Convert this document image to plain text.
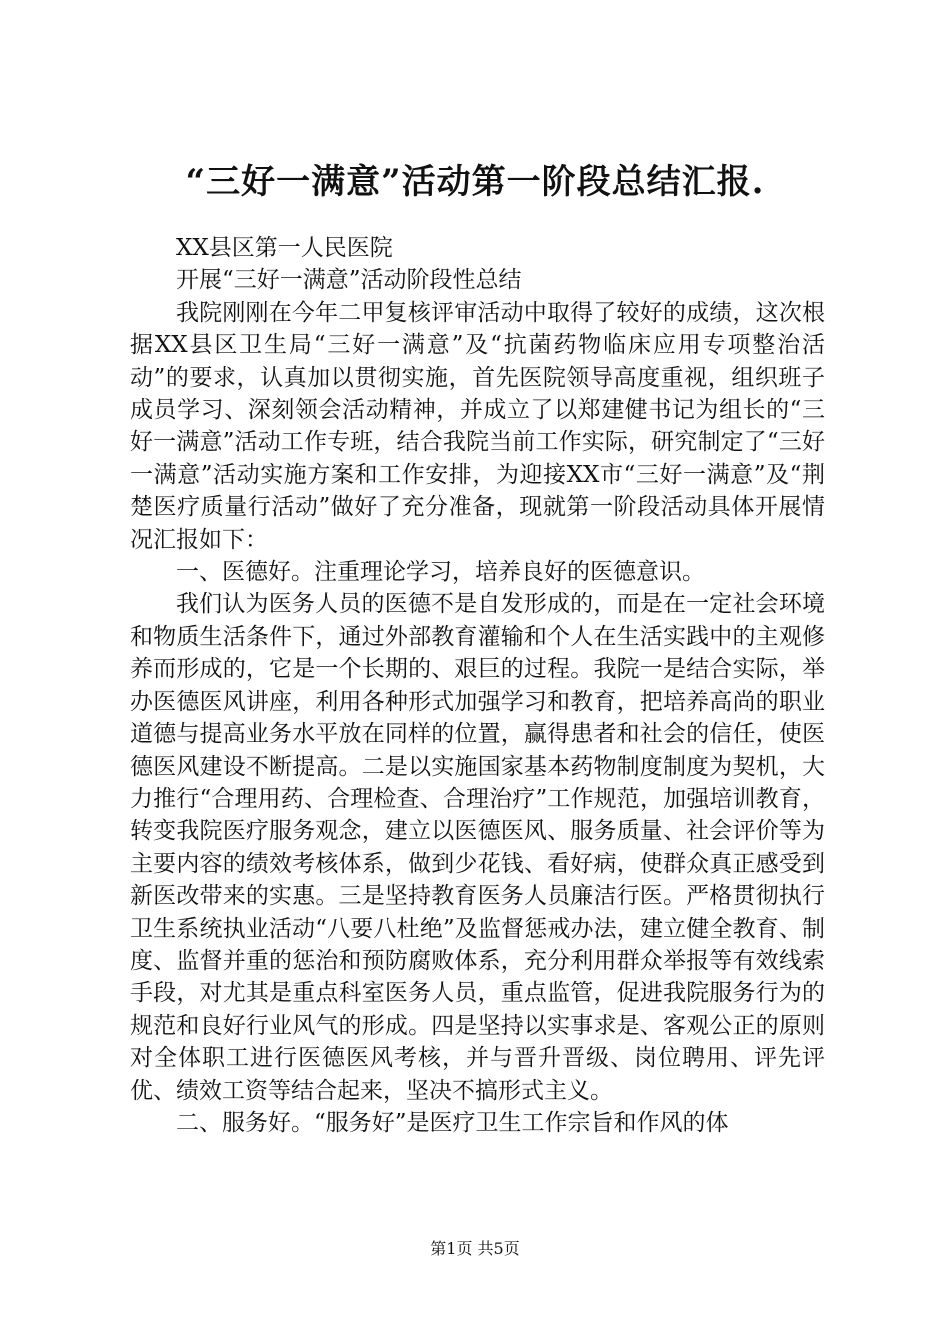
“三好一满意”活动第一阶段总结汇报.

XX县区第一人民医院

开展“三好一满意”活动阶段性总结

我院刚刚在今年二甲复核评审活动中取得了较好的成绩，这次根据XX县区卫生局“三好一满意”及“抗菌药物临床应用专项整治活动”的要求，认真加以贯彻实施，首先医院领导高度重视，组织班子成员学习、深刻领会活动精神，并成立了以郑建健书记为组长的“三好一满意”活动工作专班，结合我院当前工作实际，研究制定了“三好一满意”活动实施方案和工作安排，为迎接XX市“三好一满意”及“荆楚医疗质量行活动”做好了充分准备，现就第一阶段活动具体开展情况汇报如下：

一、医德好。注重理论学习，培养良好的医德意识。

我们认为医务人员的医德不是自发形成的，而是在一定社会环境和物质生活条件下，通过外部教育灌输和个人在生活实践中的主观修养而形成的，它是一个长期的、艰巨的过程。我院一是结合实际，举办医德医风讲座，利用各种形式加强学习和教育，把培养高尚的职业道德与提高业务水平放在同样的位置，赢得患者和社会的信任，使医德医风建设不断提高。二是以实施国家基本药物制度制度为契机，大力推行“合理用药、合理检查、合理治疗”工作规范，加强培训教育，转变我院医疗服务观念，建立以医德医风、服务质量、社会评价等为主要内容的绩效考核体系，做到少花钱、看好病，使群众真正感受到新医改带来的实惠。三是坚持教育医务人员廉洁行医。严格贯彻执行卫生系统执业活动“八要八杜绝”及监督惩戒办法，建立健全教育、制度、监督并重的惩治和预防腐败体系，充分利用群众举报等有效线索手段，对尤其是重点科室医务人员，重点监管，促进我院服务行为的规范和良好行业风气的形成。四是坚持以实事求是、客观公正的原则对全体职工进行医德医风考核，并与晋升晋级、岗位聘用、评先评优、绩效工资等结合起来，坚决不搞形式主义。

二、服务好。“服务好”是医疗卫生工作宗旨和作风的体

第1页 共5页
